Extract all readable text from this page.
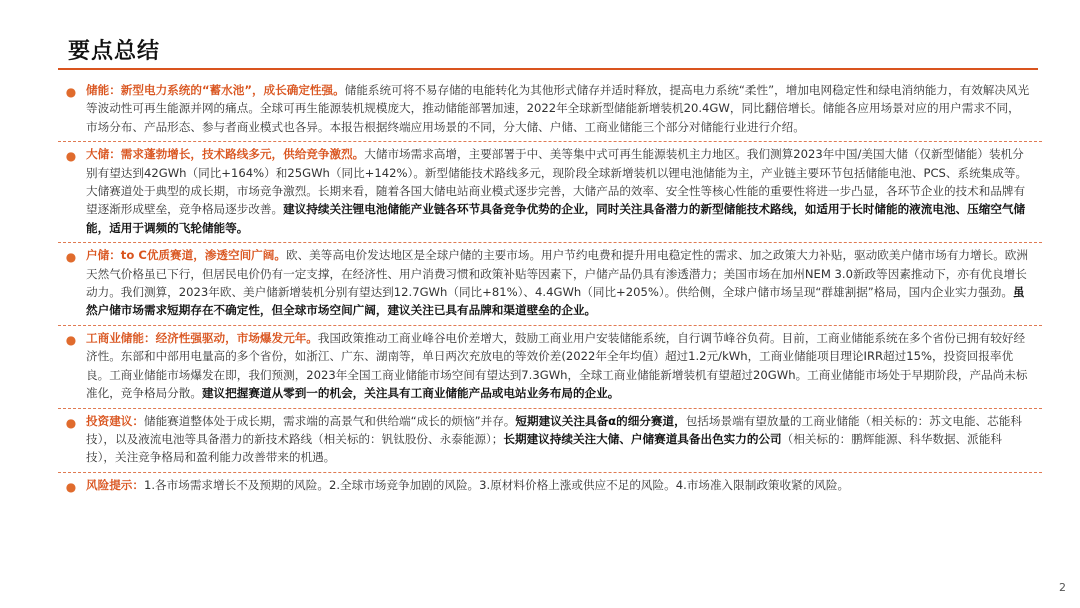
要点总结
● 储能：新型电力系统的“蓄水池”，成长确定性强。储能系统可将不易存储的电能转化为其他形式储存并适时释放，提高电力系统“柔性”，增加电网稳定性和绿电消纳能力，有效解决风光等波动性可再生能源并网的痛点。全球可再生能源装机规模庞大，推动储能部署加速，2022年全球新型储能新增装机20.4GW，同比翻倍增长。储能各应用场景对应的用户需求不同，市场分布、产品形态、参与者商业模式也各异。本报告根据终端应用场景的不同，分大储、户储、工商业储能三个部分对储能行业进行介绍。
● 大储：需求蓬勃增长，技术路线多元，供给竞争激烈。大储市场需求高增，主要部署于中、美等集中式可再生能源装机主力地区。我们测算2023年中国/美国大储（仅新型储能）装机分别有望达到42GWh（同比+164%）和25GWh（同比+142%）。新型储能技术路线多元，现阶段全球新增装机以锂电池储能为主，产业链主要环节包括储能电池、PCS、系统集成等。大储赛道处于典型的成长期，市场竞争激烈。长期来看，随着各国大储电站商业模式逐步完善，大储产品的效率、安全性等核心性能的重要性将进一步凸显，各环节企业的技术和品牌有望逐渐形成壁垒，竞争格局逐步改善。建议持续关注锂电池储能产业链各环节具备竞争优势的企业，同时关注具备潜力的新型储能技术路线，如适用于长时储能的液流电池、压缩空气储能，适用于调频的飞轮储能等。
● 户储：to C优质赛道，渗透空间广阔。欧、美等高电价发达地区是全球户储的主要市场。用户节约电费和提升用电稳定性的需求、加之政策大力补贴，驱动欧美户储市场有力增长。欧洲天然气价格虽已下行，但居民电价仍有一定支撑，在经济性、用户消费习惯和政策补贴等因素下，户储产品仍具有渗透潜力；美国市场在加州NEM 3.0新政等因素推动下，亦有优良增长动力。我们测算，2023年欧、美户储新增装机分别有望达到12.7GWh（同比+81%）、4.4GWh（同比+205%）。供给侧，全球户储市场呈现“群雄割据”格局，国内企业实力强劲。虽然户储市场需求短期存在不确定性，但全球市场空间广阔，建议关注已具有品牌和渠道壁垒的企业。
● 工商业储能：经济性强驱动，市场爆发元年。我国政策推动工商业峰谷电价差增大，鼓励工商业用户安装储能系统，自行调节峰谷负荷。目前，工商业储能系统在多个省份已拥有较好经济性。东部和中部用电量高的多个省份，如浙江、广东、湖南等，单日两次充放电的等效价差(2022年全年均值）超过1.2元/kWh，工商业储能项目理论IRR超过15%，投资回报率优良。工商业储能市场爆发在即，我们预测，2023年全国工商业储能市场空间有望达到7.3GWh，全球工商业储能新增装机有望超过20GWh。工商业储能市场处于早期阶段，产品尚未标准化，竞争格局分散。建议把握赛道从零到一的机会，关注具有工商业储能产品或电站业务布局的企业。
● 投资建议：储能赛道整体处于成长期，需求端的高景气和供给端“成长的烦恼”并存。短期建议关注具备α的细分赛道，包括场景端有望放量的工商业储能（相关标的：苏文电能、芯能科技），以及液流电池等具备潜力的新技术路线（相关标的：钒钛股份、永泰能源）；长期建议持续关注大储、户储赛道具备出色实力的公司（相关标的：鹏辉能源、科华数据、派能科技），关注竞争格局和盈利能力改善带来的机遇。
● 风险提示：1.各市场需求增长不及预期的风险。2.全球市场竞争加剧的风险。3.原材料价格上涨或供应不足的风险。4.市场准入限制政策收紧的风险。
2
